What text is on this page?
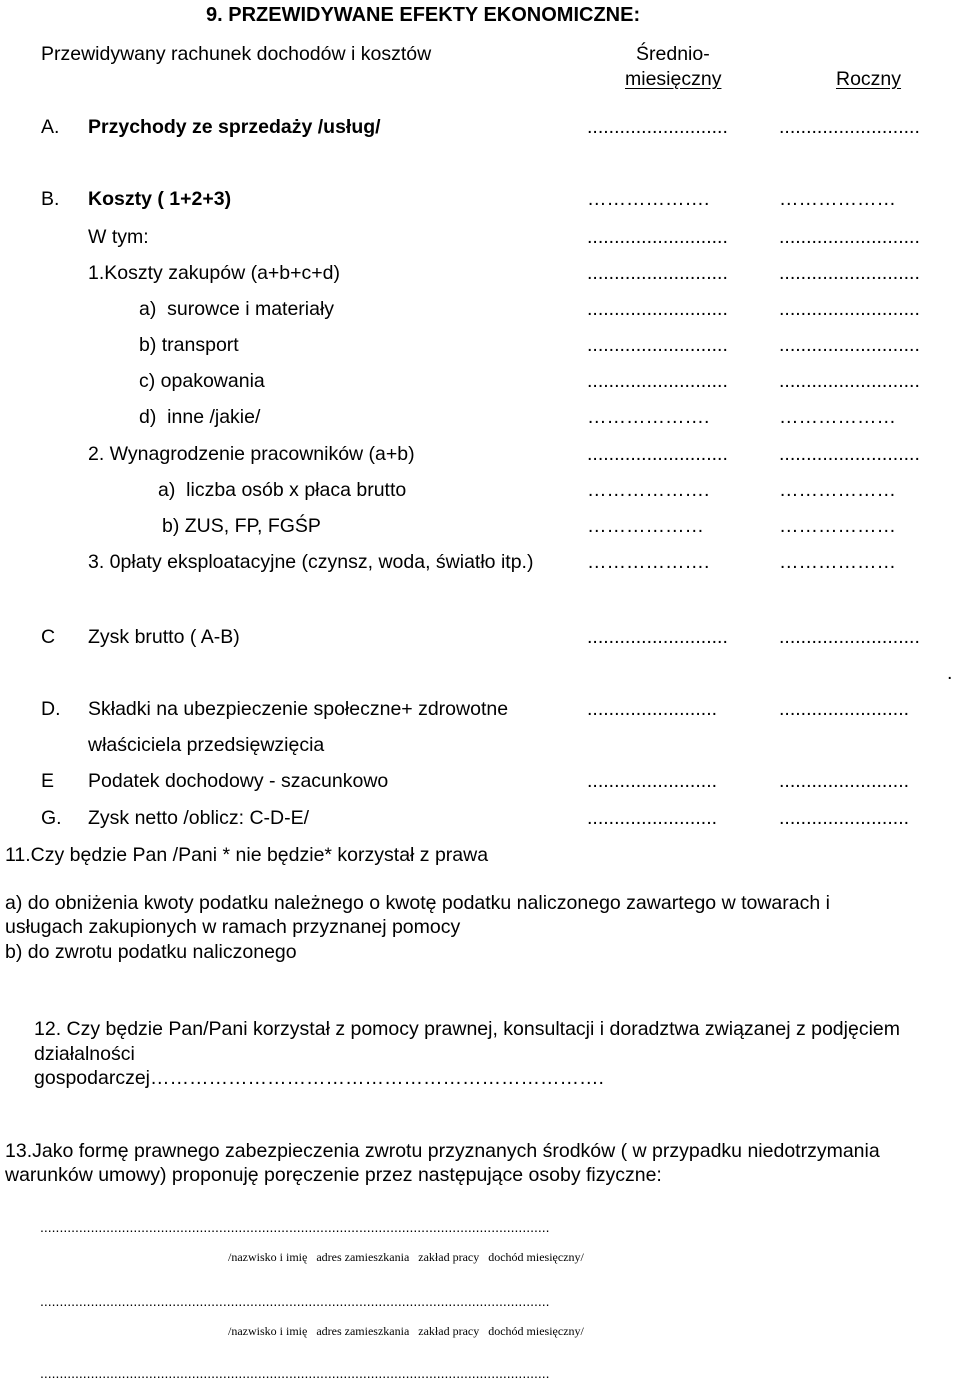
9. PRZEWIDYWANE EFEKTY EKONOMICZNE:
Przewidywany rachunek dochodów i kosztów	Średnio-
miesięczny	Roczny
A. Przychody ze sprzedaży /usług/	..........................	..........................
B. Koszty ( 1+2+3)	……………….	………………
W tym:	..........................	..........................
1.Koszty zakupów (a+b+c+d)	..........................	..........................
a)  surowce i materiały	..........................	..........................
b) transport	..........................	..........................
c) opakowania	..........................	..........................
d)  inne /jakie/	……………….	………………
2. Wynagrodzenie pracowników (a+b)	..........................	..........................
a)  liczba osób x płaca brutto	……………….	………………
b) ZUS, FP, FGŚP	………………	………………
3. 0płaty eksploatacyjne (czynsz, woda, światło itp.)	……………….	………………
C Zysk brutto ( A-B)	..........................	..........................
.
D. Składki na ubezpieczenie społeczne+ zdrowotne	........................	........................
właściciela przedsięwzięcia
E Podatek dochodowy - szacunkowo	........................	........................
G. Zysk netto /oblicz: C-D-E/	........................	........................
11.Czy będzie Pan /Pani * nie będzie* korzystał z prawa
a) do obniżenia kwoty podatku należnego o kwotę podatku naliczonego zawartego w towarach i
usługach zakupionych w ramach przyznanej pomocy
b) do zwrotu podatku naliczonego
12. Czy będzie Pan/Pani korzystał z pomocy prawnej, konsultacji i doradztwa związanej z podjęciem
działalności
gospodarczej…………………………………………………………….
13.Jako formę prawnego zabezpieczenia zwrotu przyznanych środków ( w przypadku niedotrzymania
warunków umowy) proponuję poręczenie przez następujące osoby fizyczne:
...................................................................................................................................
/nazwisko i imię   adres zamieszkania   zakład pracy   dochód miesięczny/
...................................................................................................................................
/nazwisko i imię   adres zamieszkania   zakład pracy   dochód miesięczny/
...................................................................................................................................
